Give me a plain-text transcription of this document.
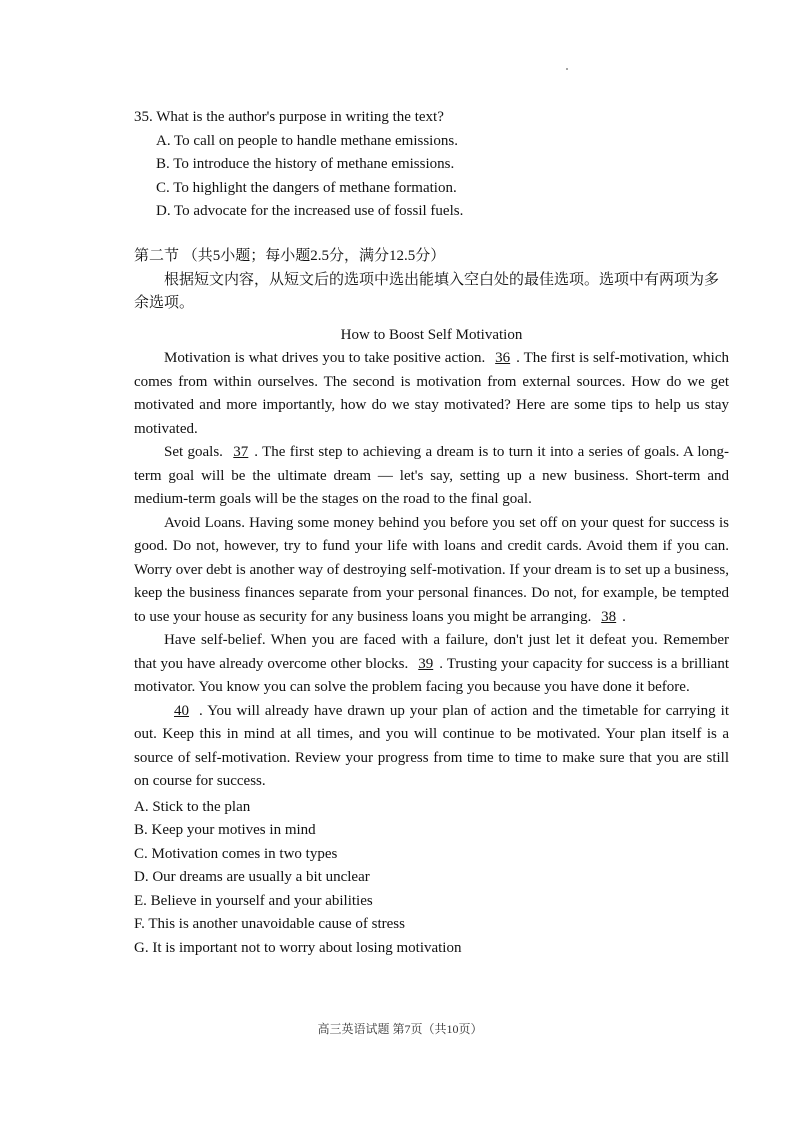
35. What is the author's purpose in writing the text?
A. To call on people to handle methane emissions.
B. To introduce the history of methane emissions.
C. To highlight the dangers of methane formation.
D. To advocate for the increased use of fossil fuels.
第二节 （共5小题；每小题2.5分，满分12.5分）
根据短文内容，从短文后的选项中选出能填入空白处的最佳选项。选项中有两项为多余选项。
How to Boost Self Motivation
Motivation is what drives you to take positive action. 36 . The first is self-motivation, which comes from within ourselves. The second is motivation from external sources. How do we get motivated and more importantly, how do we stay motivated? Here are some tips to help us stay motivated.
Set goals. 37 . The first step to achieving a dream is to turn it into a series of goals. A long-term goal will be the ultimate dream — let's say, setting up a new business. Short-term and medium-term goals will be the stages on the road to the final goal.
Avoid Loans. Having some money behind you before you set off on your quest for success is good. Do not, however, try to fund your life with loans and credit cards. Avoid them if you can. Worry over debt is another way of destroying self-motivation. If your dream is to set up a business, keep the business finances separate from your personal finances. Do not, for example, be tempted to use your house as security for any business loans you might be arranging. 38 .
Have self-belief. When you are faced with a failure, don't just let it defeat you. Remember that you have already overcome other blocks. 39 . Trusting your capacity for success is a brilliant motivator. You know you can solve the problem facing you because you have done it before.
40 . You will already have drawn up your plan of action and the timetable for carrying it out. Keep this in mind at all times, and you will continue to be motivated. Your plan itself is a source of self-motivation. Review your progress from time to time to make sure that you are still on course for success.
A. Stick to the plan
B. Keep your motives in mind
C. Motivation comes in two types
D. Our dreams are usually a bit unclear
E. Believe in yourself and your abilities
F. This is another unavoidable cause of stress
G. It is important not to worry about losing motivation
高三英语试题 第7页（共10页）
